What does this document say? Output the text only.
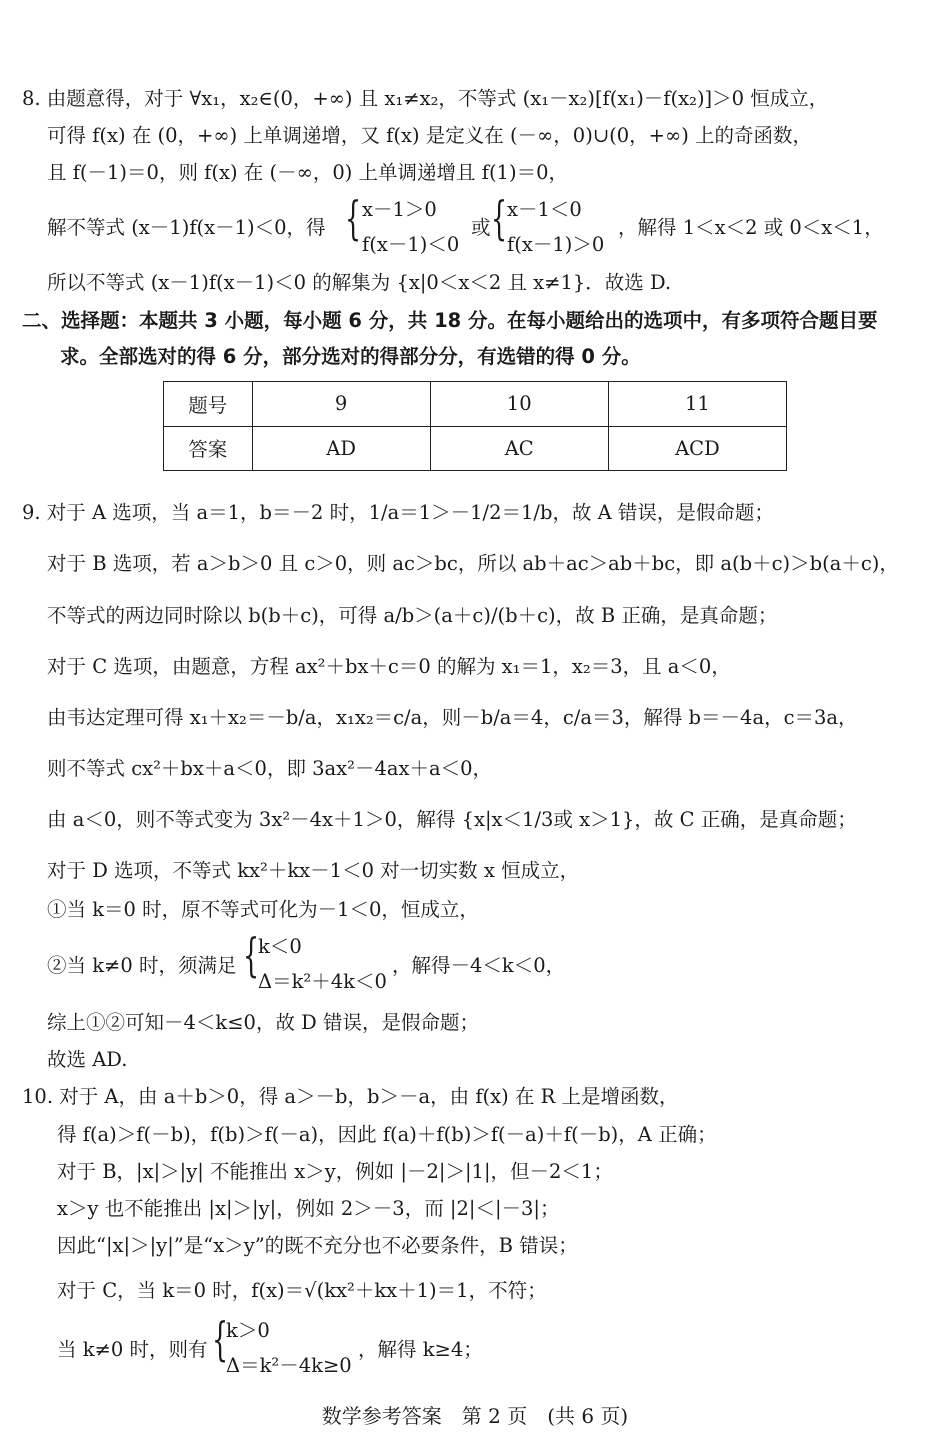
8. 由题意得，对于 ∀x₁，x₂∈(0，+∞) 且 x₁≠x₂，不等式 (x₁－x₂)[f(x₁)－f(x₂)]＞0 恒成立，
可得 f(x) 在 (0，+∞) 上单调递增，又 f(x) 是定义在 (－∞，0)∪(0，+∞) 上的奇函数，
且 f(－1)＝0，则 f(x) 在 (－∞，0) 上单调递增且 f(1)＝0，
解不等式 (x－1)f(x－1)＜0，得 { x－1＞0
f(x－1)＜0
或 { x－1＜0
f(x－1)＞0
，解得 1＜x＜2 或 0＜x＜1，
所以不等式 (x－1)f(x－1)＜0 的解集为 {x|0＜x＜2 且 x≠1}．故选 D.
二、选择题：本题共 3 小题，每小题 6 分，共 18 分。在每小题给出的选项中，有多项符合题目要
求。全部选对的得 6 分，部分选对的得部分分，有选错的得 0 分。
题号	9	10	11
答案	AD	AC	ACD
9. 对于 A 选项，当 a＝1，b＝－2 时，1/a＝1＞－1/2＝1/b，故 A 错误，是假命题；
对于 B 选项，若 a＞b＞0 且 c＞0，则 ac＞bc，所以 ab＋ac＞ab＋bc，即 a(b＋c)＞b(a＋c)，
不等式的两边同时除以 b(b＋c)，可得 a/b＞(a＋c)/(b＋c)，故 B 正确，是真命题；
对于 C 选项，由题意，方程 ax²＋bx＋c＝0 的解为 x₁＝1，x₂＝3，且 a＜0，
由韦达定理可得 x₁＋x₂＝－b/a，x₁x₂＝c/a，则－b/a＝4，c/a＝3，解得 b＝－4a，c＝3a，
则不等式 cx²＋bx＋a＜0，即 3ax²－4ax＋a＜0，
由 a＜0，则不等式变为 3x²－4x＋1＞0，解得 {x|x＜1/3或 x＞1}，故 C 正确，是真命题；
对于 D 选项，不等式 kx²＋kx－1＜0 对一切实数 x 恒成立，
①当 k＝0 时，原不等式可化为－1＜0，恒成立，
②当 k≠0 时，须满足 {
k＜0
Δ＝k²＋4k＜0
，解得－4＜k＜0，
综上①②可知－4＜k≤0，故 D 错误，是假命题；
故选 AD.
10. 对于 A，由 a＋b＞0，得 a＞－b，b＞－a，由 f(x) 在 R 上是增函数，
得 f(a)＞f(－b)，f(b)＞f(－a)，因此 f(a)＋f(b)＞f(－a)＋f(－b)，A 正确；
对于 B，|x|＞|y| 不能推出 x＞y，例如 |－2|＞|1|，但－2＜1；
x＞y 也不能推出 |x|＞|y|，例如 2＞－3，而 |2|＜|－3|；
因此“|x|＞|y|”是“x＞y”的既不充分也不必要条件，B 错误；
对于 C，当 k＝0 时，f(x)＝√(kx²＋kx＋1)＝1，不符；
当 k≠0 时，则有 {
k＞0
Δ＝k²－4k≥0
，解得 k≥4；
数学参考答案　第 2 页　(共 6 页)
